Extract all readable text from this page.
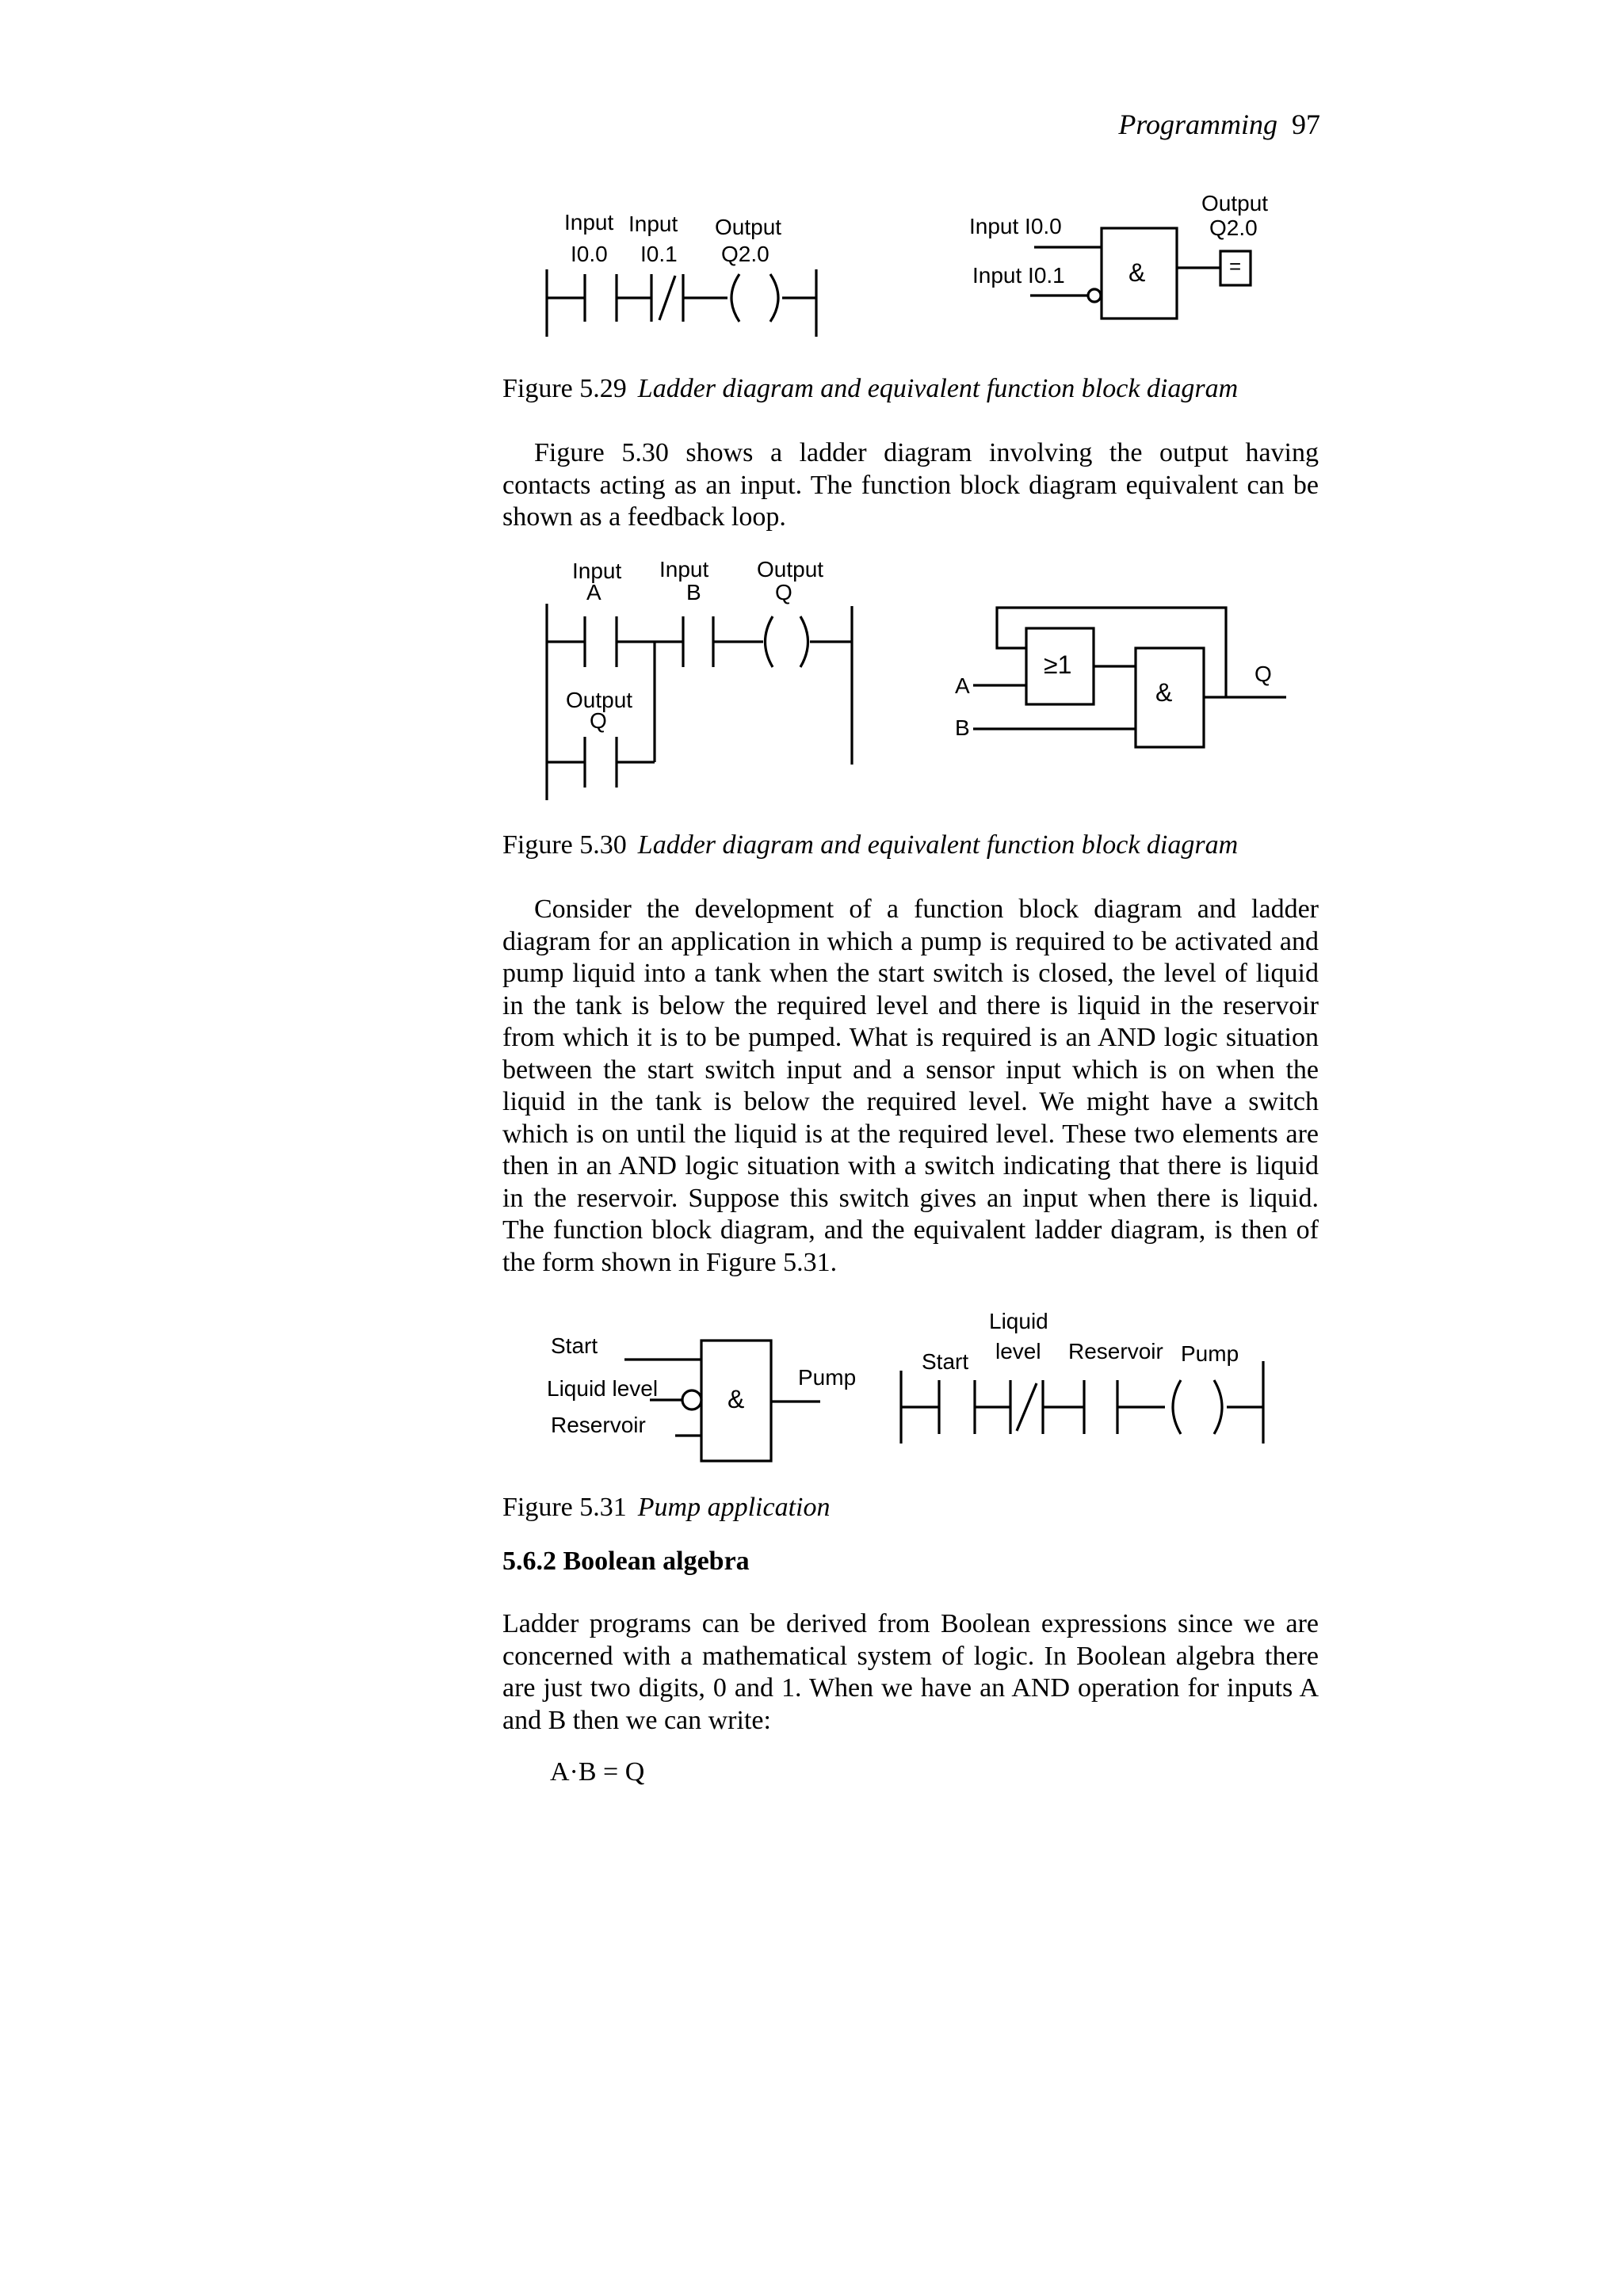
Programming 97
Input
I0.0
Input
I0.1
Output
Q2.0
Input I0.0
Input I0.1	&	=
Output
Q2.0
Figure 5.29 Ladder diagram and equivalent function block diagram

Figure 5.30 shows a ladder diagram involving the output having contacts acting as an input. The function block diagram equivalent can be shown as a feedback loop.

Input
A
Input
B
Output
Q
Output
Q
≥1
&
A
B
Q
Figure 5.30 Ladder diagram and equivalent function block diagram

Consider the development of a function block diagram and ladder diagram for an application in which a pump is required to be activated and pump liquid into a tank when the start switch is closed, the level of liquid in the tank is below the required level and there is liquid in the reservoir from which it is to be pumped. What is required is an AND logic situation between the start switch input and a sensor input which is on when the liquid in the tank is below the required level. We might have a switch which is on until the liquid is at the required level. These two elements are then in an AND logic situation with a switch indicating that there is liquid in the reservoir. Suppose this switch gives an input when there is liquid. The function block diagram, and the equivalent ladder diagram, is then of the form shown in Figure 5.31.

&
Start
Liquid level
Reservoir
Pump
Start
Liquid
level Reservoir Pump
Figure 5.31 Pump application
5.6.2 Boolean algebra

Ladder programs can be derived from Boolean expressions since we are concerned with a mathematical system of logic. In Boolean algebra there are just two digits, 0 and 1. When we have an AND operation for inputs A and B then we can write:

A·B = Q
